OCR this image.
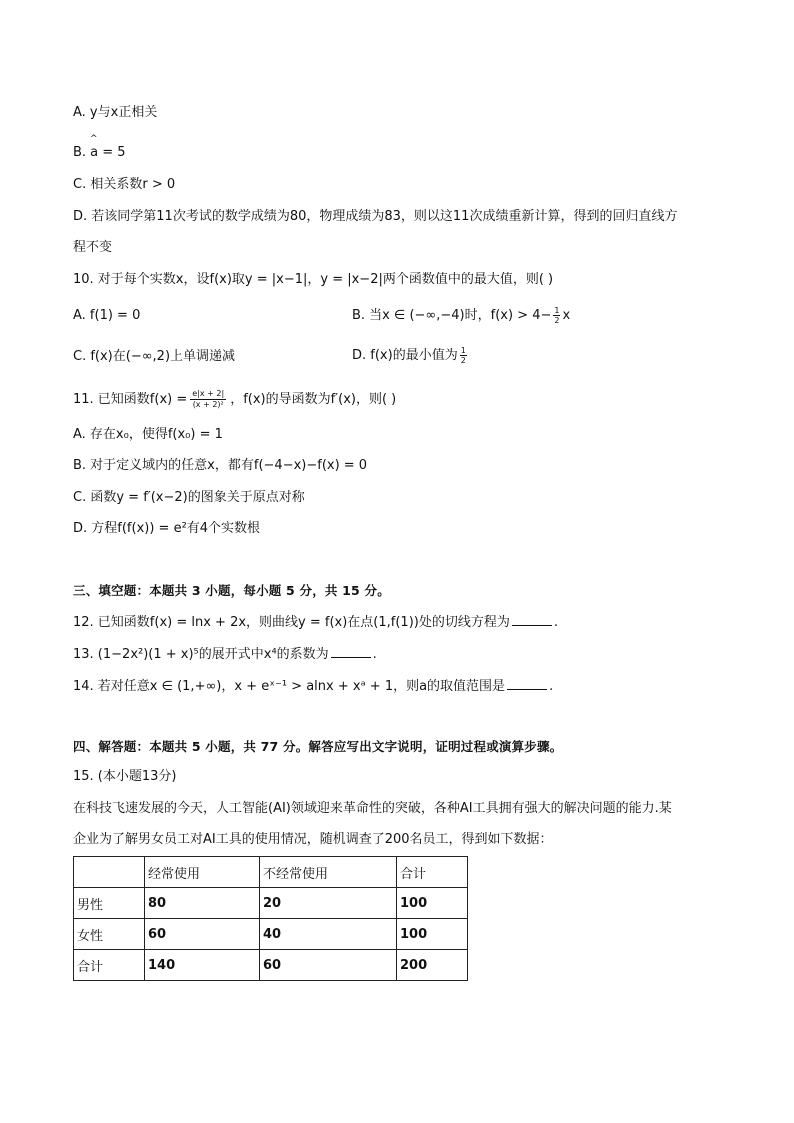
A. y与x正相关
^
B. a = 5
C. 相关系数r > 0
D. 若该同学第11次考试的数学成绩为80，物理成绩为83，则以这11次成绩重新计算，得到的回归直线方
程不变
10. 对于每个实数x，设f(x)取y = |x−1|，y = |x−2|两个函数值中的最大值，则( )
A. f(1) = 0	B. 当x ∈ (−∞,−4)时，$f(x) > 4- \frac{1}{2}$ x
C. f(x)在(−∞,2)上单调递减	D. f(x)的最小值为 $\frac{1}{2}$
11. 已知函数$f(x) = \frac{e|x + 2|}{\text{(x + 2)²}}$ ，f(x)的导函数为f′(x)，则( )
A. 存在x₀，使得f(x₀) = 1
B. 对于定义域内的任意x，都有f(−4−x)−f(x) = 0
C. 函数y = f′(x−2)的图象关于原点对称
D. 方程f(f(x)) = e²有4个实数根
三、填空题：本题共 3 小题，每小题 5 分，共 15 分。
12. 已知函数f(x) = lnx + 2x，则曲线y = f(x)在点(1,f(1))处的切线方程为	.
13. (1−2x²)(1 + x)⁵的展开式中x⁴的系数为	.
14. 若对任意x ∈ (1,+∞)，x + eˣ⁻¹ > alnx + xᵃ + 1，则a的取值范围是	.
四、解答题：本题共 5 小题，共 77 分。解答应写出文字说明，证明过程或演算步骤。
15. (本小题13分)
在科技飞速发展的今天，人工智能(AI)领域迎来革命性的突破，各种AI工具拥有强大的解决问题的能力.某
企业为了解男女员工对AI工具的使用情况，随机调查了200名员工，得到如下数据：
	经常使用	不经常使用	合计
男性	80	20	100
女性	60	40	100
合计	140	60	200
